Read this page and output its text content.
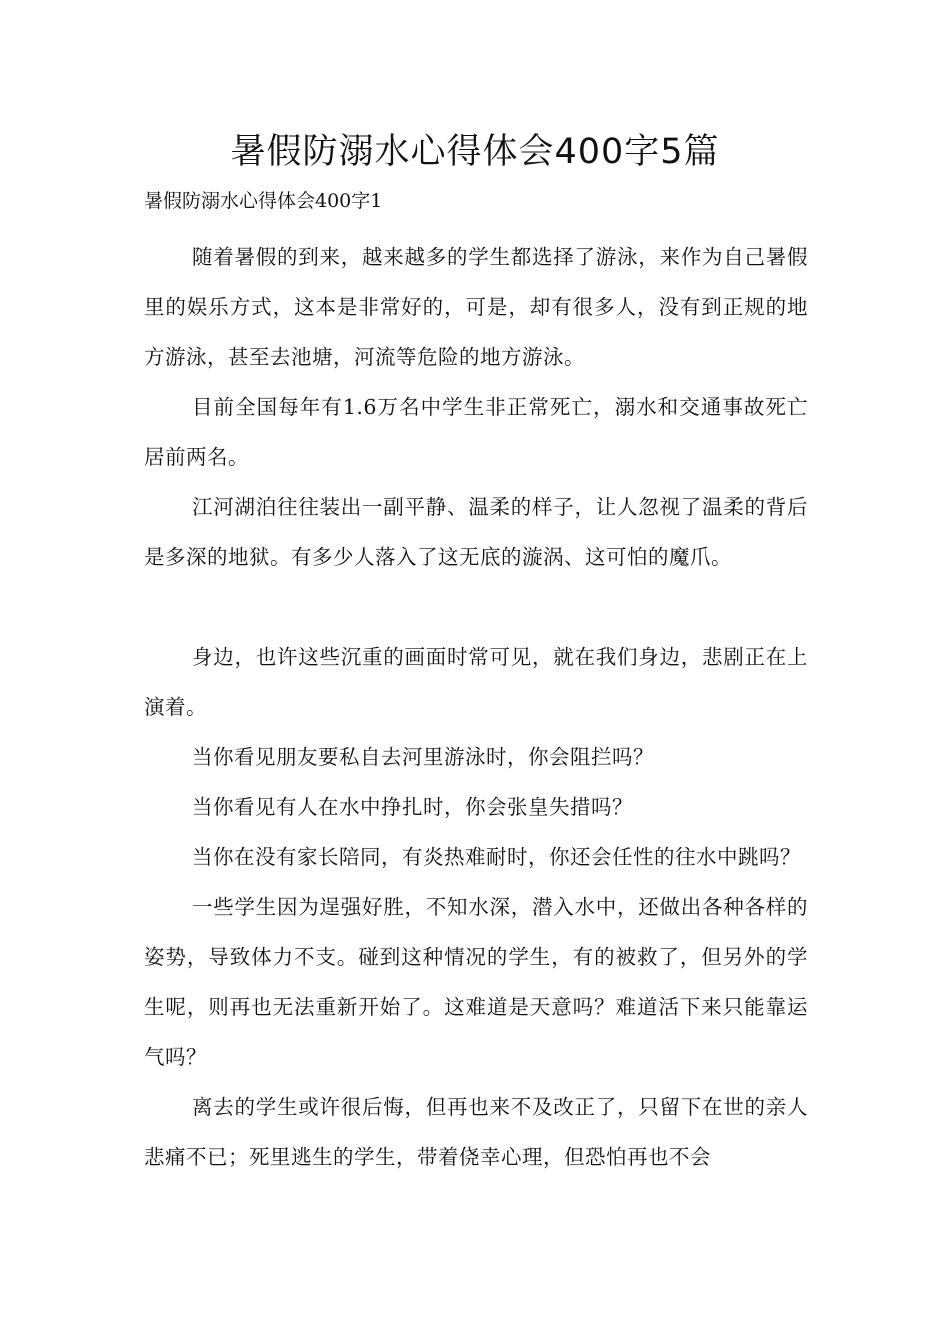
暑假防溺水心得体会400字5篇

暑假防溺水心得体会400字1

随着暑假的到来，越来越多的学生都选择了游泳，来作为自己暑假里的娱乐方式，这本是非常好的，可是，却有很多人，没有到正规的地方游泳，甚至去池塘，河流等危险的地方游泳。

目前全国每年有1.6万名中学生非正常死亡，溺水和交通事故死亡居前两名。

江河湖泊往往装出一副平静、温柔的样子，让人忽视了温柔的背后是多深的地狱。有多少人落入了这无底的漩涡、这可怕的魔爪。

身边，也许这些沉重的画面时常可见，就在我们身边，悲剧正在上演着。

当你看见朋友要私自去河里游泳时，你会阻拦吗？

当你看见有人在水中挣扎时，你会张皇失措吗？

当你在没有家长陪同，有炎热难耐时，你还会任性的往水中跳吗？

一些学生因为逞强好胜，不知水深，潜入水中，还做出各种各样的姿势，导致体力不支。碰到这种情况的学生，有的被救了，但另外的学生呢，则再也无法重新开始了。这难道是天意吗？难道活下来只能靠运气吗？

离去的学生或许很后悔，但再也来不及改正了，只留下在世的亲人悲痛不已；死里逃生的学生，带着侥幸心理，但恐怕再也不会
